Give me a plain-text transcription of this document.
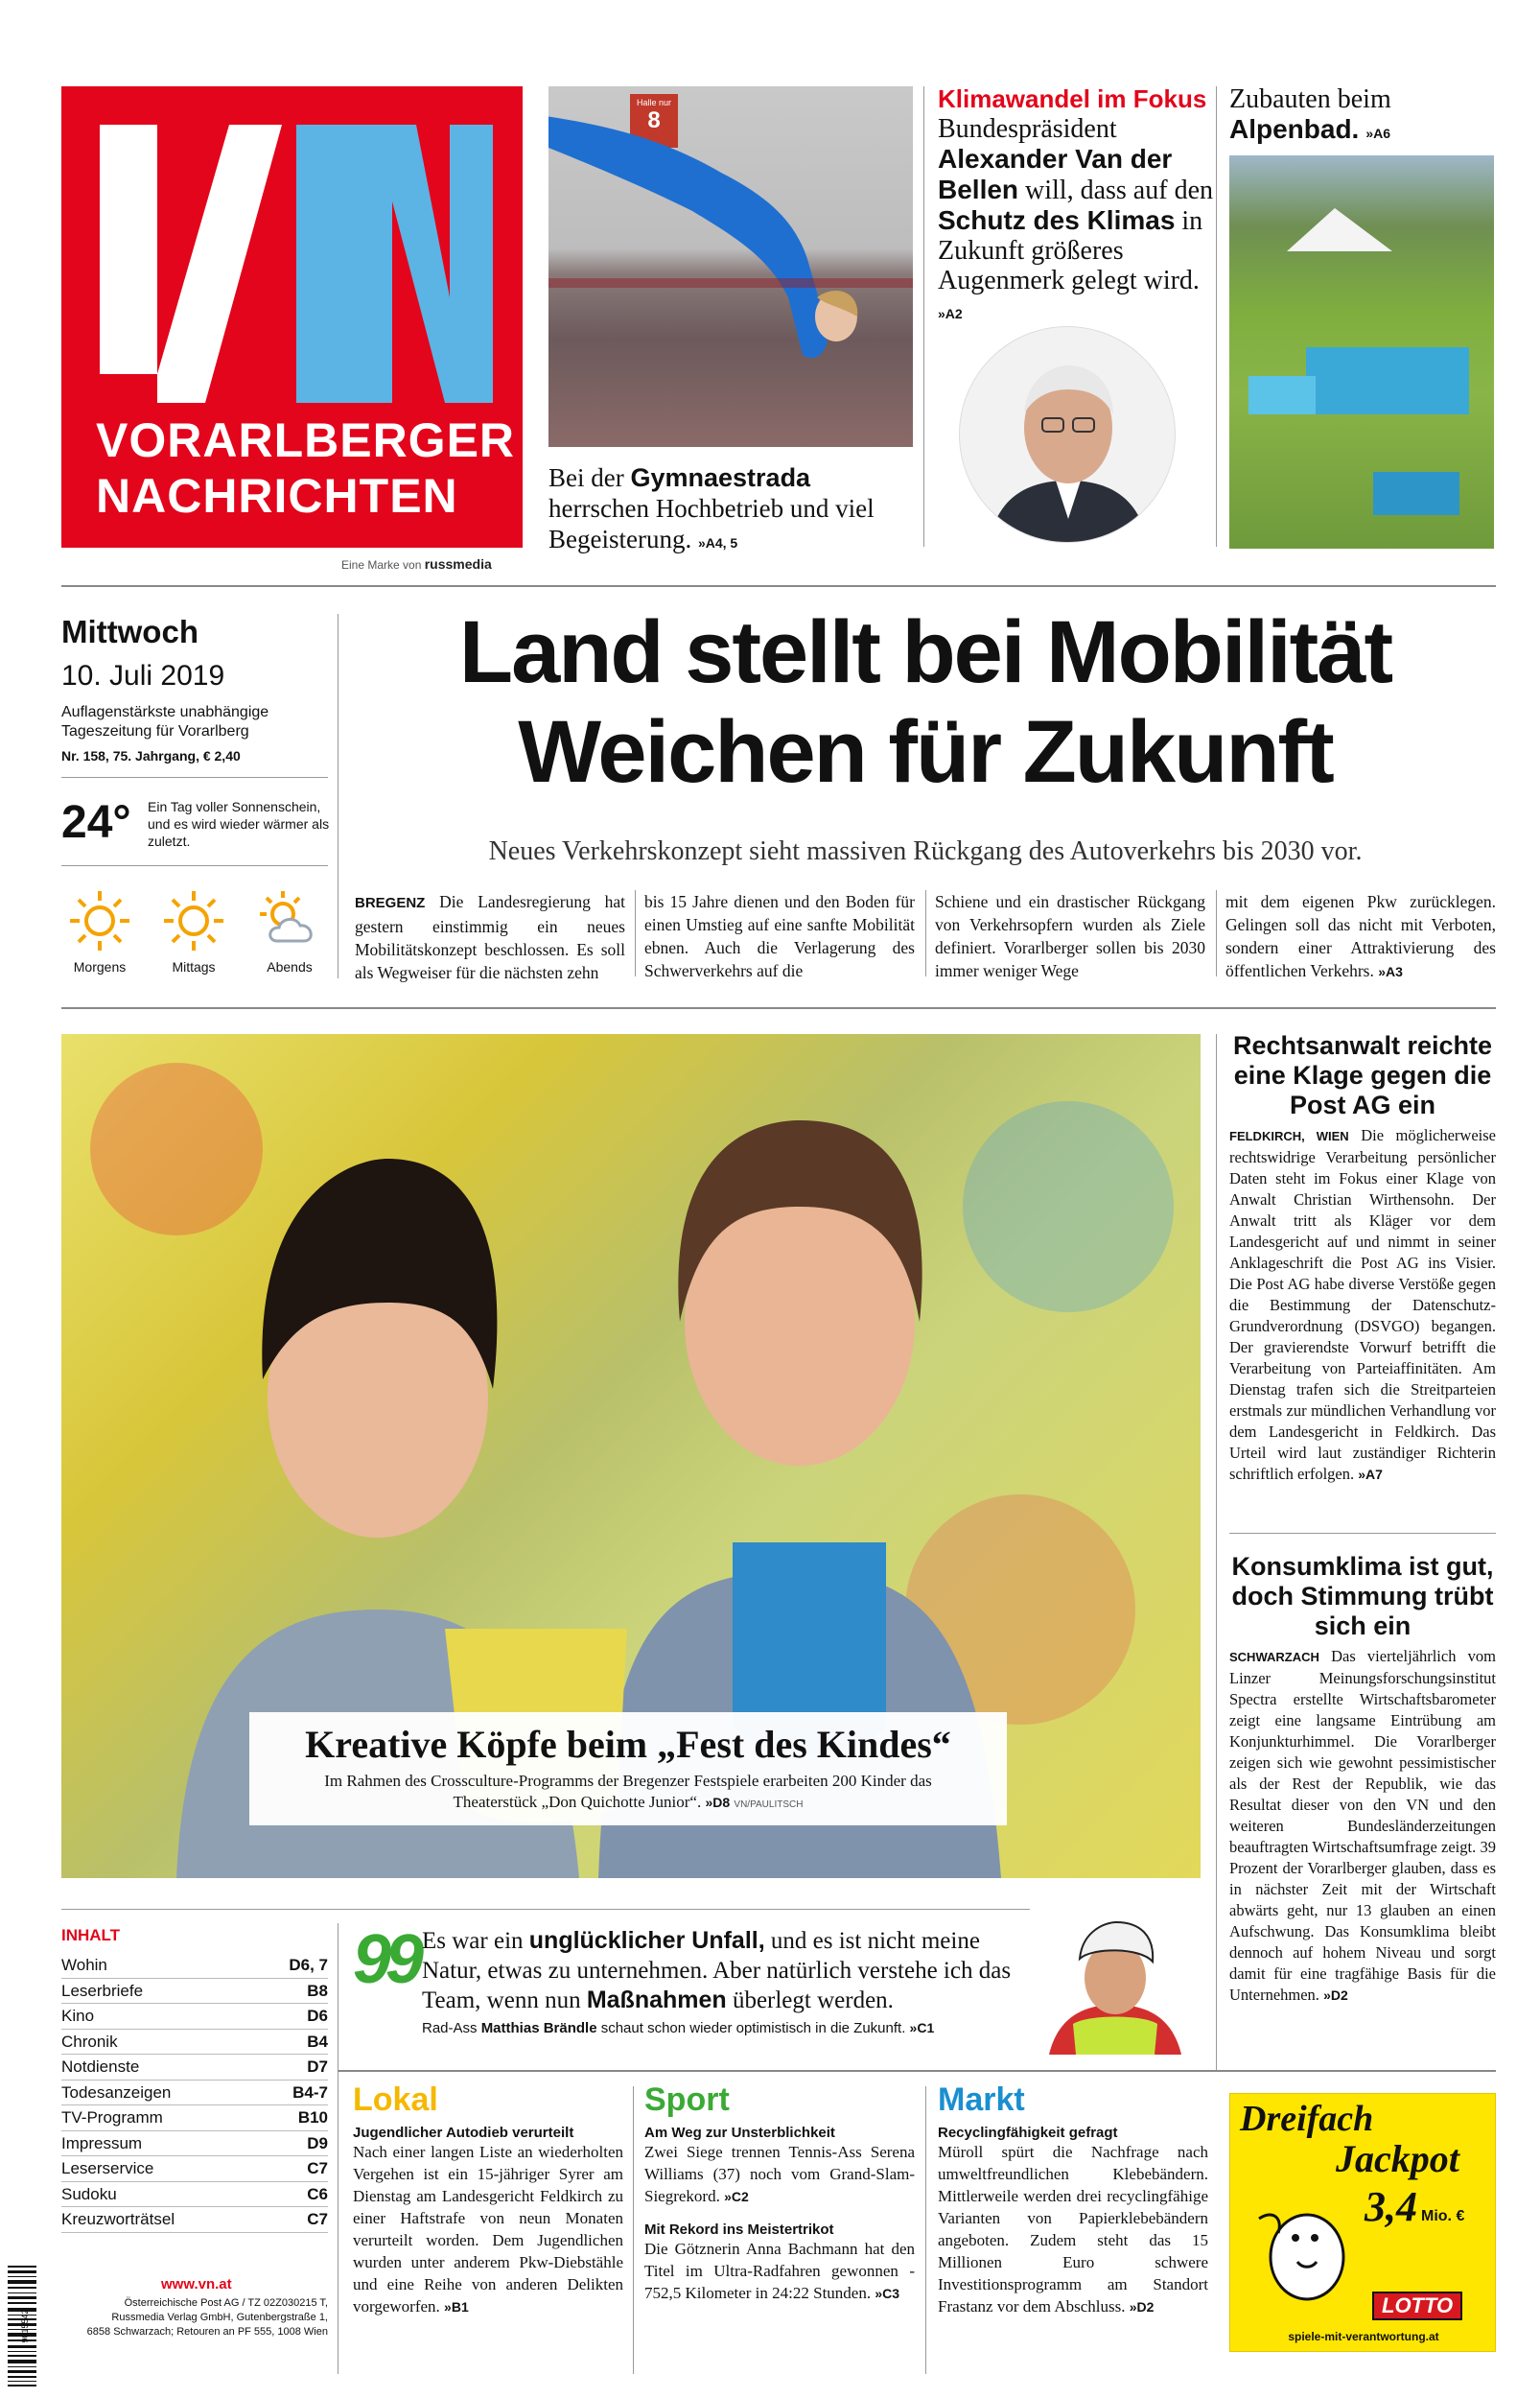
VORARLBERGER
NACHRICHTEN
Eine Marke von russmedia
Halle nur
8
Bei der Gymnaestrada herrschen Hochbetrieb und viel Begeisterung. »A4, 5
Klimawandel im Fokus
Bundespräsident Alexander Van der Bellen will, dass auf den Schutz des Klimas in Zukunft größeres Augenmerk gelegt wird. »A2
Zubauten beim
Alpenbad. »A6
Mittwoch
10. Juli 2019
Auflagenstärkste unabhängige Tageszeitung für Vorarlberg
Nr. 158, 75. Jahrgang, € 2,40
24° Ein Tag voller Sonnenschein, und es wird wieder wärmer als zuletzt.
Morgens	Mittags	Abends
Land stellt bei Mobilität
Weichen für Zukunft
Neues Verkehrskonzept sieht massiven Rückgang des Autoverkehrs bis 2030 vor.
BREGENZ Die Landesregierung hat gestern einstimmig ein neues Mobilitätskonzept beschlossen. Es soll als Wegweiser für die nächsten zehn
bis 15 Jahre dienen und den Boden für einen Umstieg auf eine sanfte Mobilität ebnen. Auch die Verlagerung des Schwerverkehrs auf die
Schiene und ein drastischer Rückgang von Verkehrsopfern wurden als Ziele definiert. Vorarlberger sollen bis 2030 immer weniger Wege
mit dem eigenen Pkw zurücklegen. Gelingen soll das nicht mit Verboten, sondern einer Attraktivierung des öffentlichen Verkehrs. »A3
Kreative Köpfe beim „Fest des Kindes“
Im Rahmen des Crossculture-Programms der Bregenzer Festspiele erarbeiten 200 Kinder das Theaterstück „Don Quichotte Junior“. »D8 VN/PAULITSCH
Rechtsanwalt reichte eine Klage gegen die Post AG ein
FELDKIRCH, WIEN Die möglicherweise rechtswidrige Verarbeitung persönlicher Daten steht im Fokus einer Klage von Anwalt Christian Wirthensohn. Der Anwalt tritt als Kläger vor dem Landesgericht auf und nimmt in seiner Anklageschrift die Post AG ins Visier. Die Post AG habe diverse Verstöße gegen die Bestimmung der Datenschutz-Grundverordnung (DSVGO) begangen. Der gravierendste Vorwurf betrifft die Verarbeitung von Parteiaffinitäten. Am Dienstag trafen sich die Streitparteien erstmals zur mündlichen Verhandlung vor dem Landesgericht in Feldkirch. Das Urteil wird laut zuständiger Richterin schriftlich erfolgen. »A7
Konsumklima ist gut, doch Stimmung trübt sich ein
SCHWARZACH Das vierteljährlich vom Linzer Meinungsforschungsinstitut Spectra erstellte Wirtschaftsbarometer zeigt eine langsame Eintrübung am Konjunkturhimmel. Die Vorarlberger zeigen sich wie gewohnt pessimistischer als der Rest der Republik, wie das Resultat dieser von den VN und den weiteren Bundesländerzeitungen beauftragten Wirtschaftsumfrage zeigt. 39 Prozent der Vorarlberger glauben, dass es in nächster Zeit mit der Wirtschaft abwärts geht, nur 13 glauben an einen Aufschwung. Das Konsumklima bleibt dennoch auf hohem Niveau und sorgt damit für eine tragfähige Basis für die Unternehmen. »D2
INHALT
Wohin	D6, 7
Leserbriefe	B8
Kino	D6
Chronik	B4
Notdienste	D7
Todesanzeigen	B4-7
TV-Programm	B10
Impressum	D9
Leserservice	C7
Sudoku	C6
Kreuzworträtsel	C7
9015542
www.vn.at
Österreichische Post AG / TZ 02Z030215 T,
Russmedia Verlag GmbH, Gutenbergstraße 1,
6858 Schwarzach; Retouren an PF 555, 1008 Wien
99 Es war ein unglücklicher Unfall, und es ist nicht meine Natur, etwas zu unternehmen. Aber natürlich verstehe ich das Team, wenn nun Maßnahmen überlegt werden.
Rad-Ass Matthias Brändle schaut schon wieder optimistisch in die Zukunft. »C1
Lokal
Jugendlicher Autodieb verurteilt
Nach einer langen Liste an wiederholten Vergehen ist ein 15-jähriger Syrer am Dienstag am Landesgericht Feldkirch zu einer Haftstrafe von neun Monaten verurteilt worden. Dem Jugendlichen wurden unter anderem Pkw-Diebstähle und eine Reihe von anderen Delikten vorgeworfen. »B1
Sport
Am Weg zur Unsterblichkeit
Zwei Siege trennen Tennis-Ass Serena Williams (37) noch vom Grand-Slam-Siegrekord. »C2
Mit Rekord ins Meistertrikot
Die Götznerin Anna Bachmann hat den Titel im Ultra-Radfahren gewonnen - 752,5 Kilometer in 24:22 Stunden. »C3
Markt
Recyclingfähigkeit gefragt
Müroll spürt die Nachfrage nach umweltfreundlichen Klebebändern. Mittlerweile werden drei recyclingfähige Varianten von Papierklebebändern angeboten. Zudem steht das 15 Millionen Euro schwere Investitionsprogramm am Standort Frastanz vor dem Abschluss. »D2
Dreifach
Jackpot
3,4 Mio. €
LOTTO
spiele-mit-verantwortung.at
